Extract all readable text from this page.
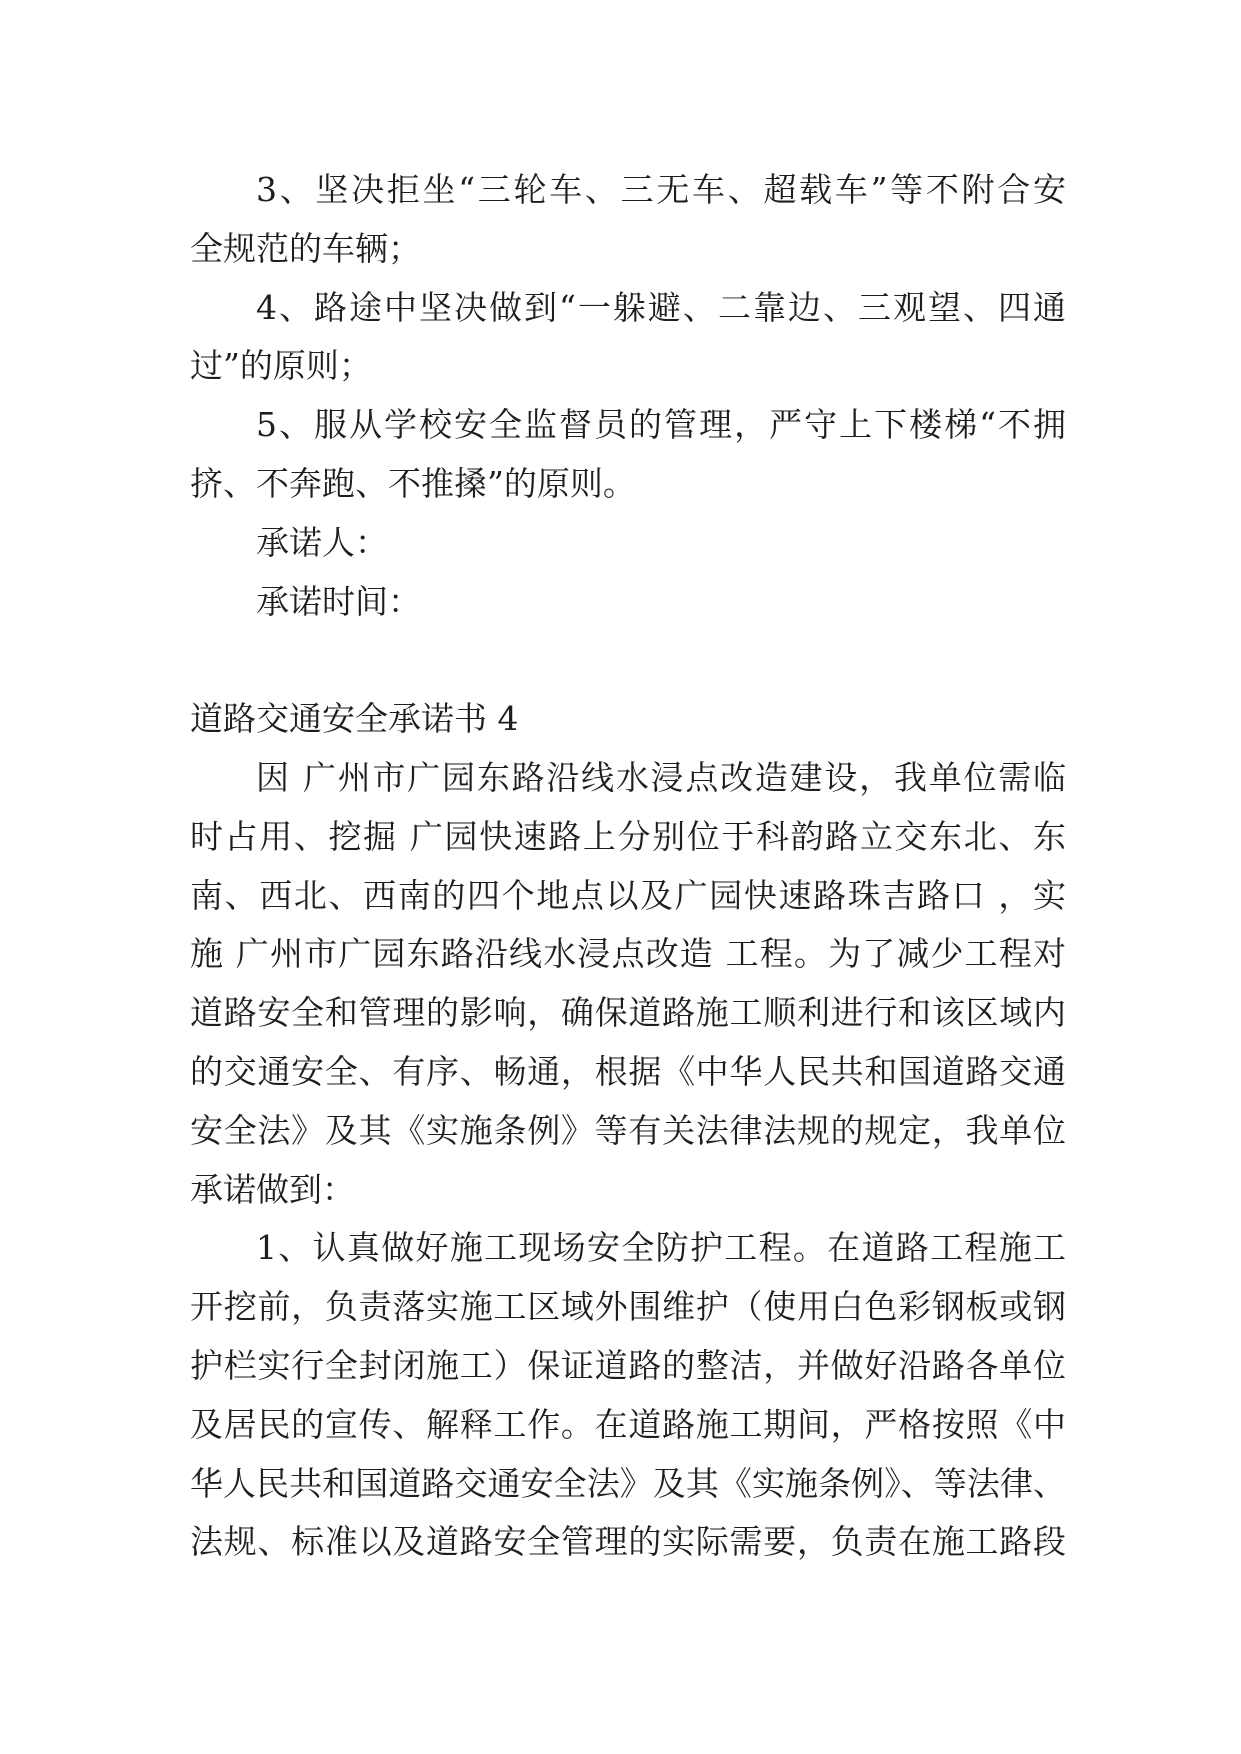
3、坚决拒坐“三轮车、三无车、超载车”等不附合安
全规范的车辆；
4、路途中坚决做到“一躲避、二靠边、三观望、四通
过”的原则；
5、服从学校安全监督员的管理，严守上下楼梯“不拥
挤、不奔跑、不推搡”的原则。
承诺人：
承诺时间：
道路交通安全承诺书 4
因 广州市广园东路沿线水浸点改造建设，我单位需临
时占用、挖掘 广园快速路上分别位于科韵路立交东北、东
南、西北、西南的四个地点以及广园快速路珠吉路口 ，实
施 广州市广园东路沿线水浸点改造 工程。为了减少工程对
道路安全和管理的影响，确保道路施工顺利进行和该区域内
的交通安全、有序、畅通，根据《中华人民共和国道路交通
安全法》及其《实施条例》等有关法律法规的规定，我单位
承诺做到：
1、认真做好施工现场安全防护工程。在道路工程施工
开挖前，负责落实施工区域外围维护（使用白色彩钢板或钢
护栏实行全封闭施工）保证道路的整洁，并做好沿路各单位
及居民的宣传、解释工作。在道路施工期间，严格按照《中
华人民共和国道路交通安全法》及其《实施条例》、等法律、
法规、标准以及道路安全管理的实际需要，负责在施工路段
